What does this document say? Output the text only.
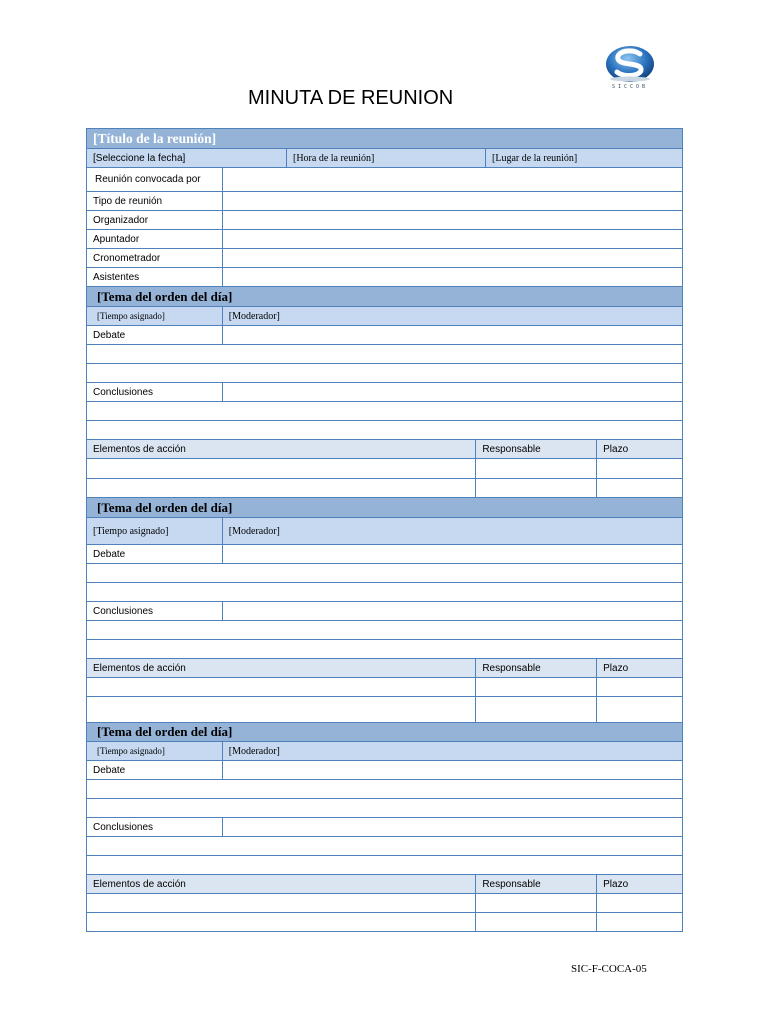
SICCOB
MINUTA DE REUNION
[Título de la reunión]
[Seleccione la fecha]	[Hora de la reunión]	[Lugar de la reunión]
Reunión convocada por
Tipo de reunión
Organizador
Apuntador
Cronometrador
Asistentes
[Tema del orden del día]
[Tiempo asignado]	[Moderador]
Debate
Conclusiones
Elementos de acción	Responsable	Plazo
[Tema del orden del día]
[Tiempo asignado]	[Moderador]
Debate
Conclusiones
Elementos de acción	Responsable	Plazo
[Tema del orden del día]
[Tiempo asignado]	[Moderador]
Debate
Conclusiones
Elementos de acción	Responsable	Plazo
SIC-F-COCA-05
